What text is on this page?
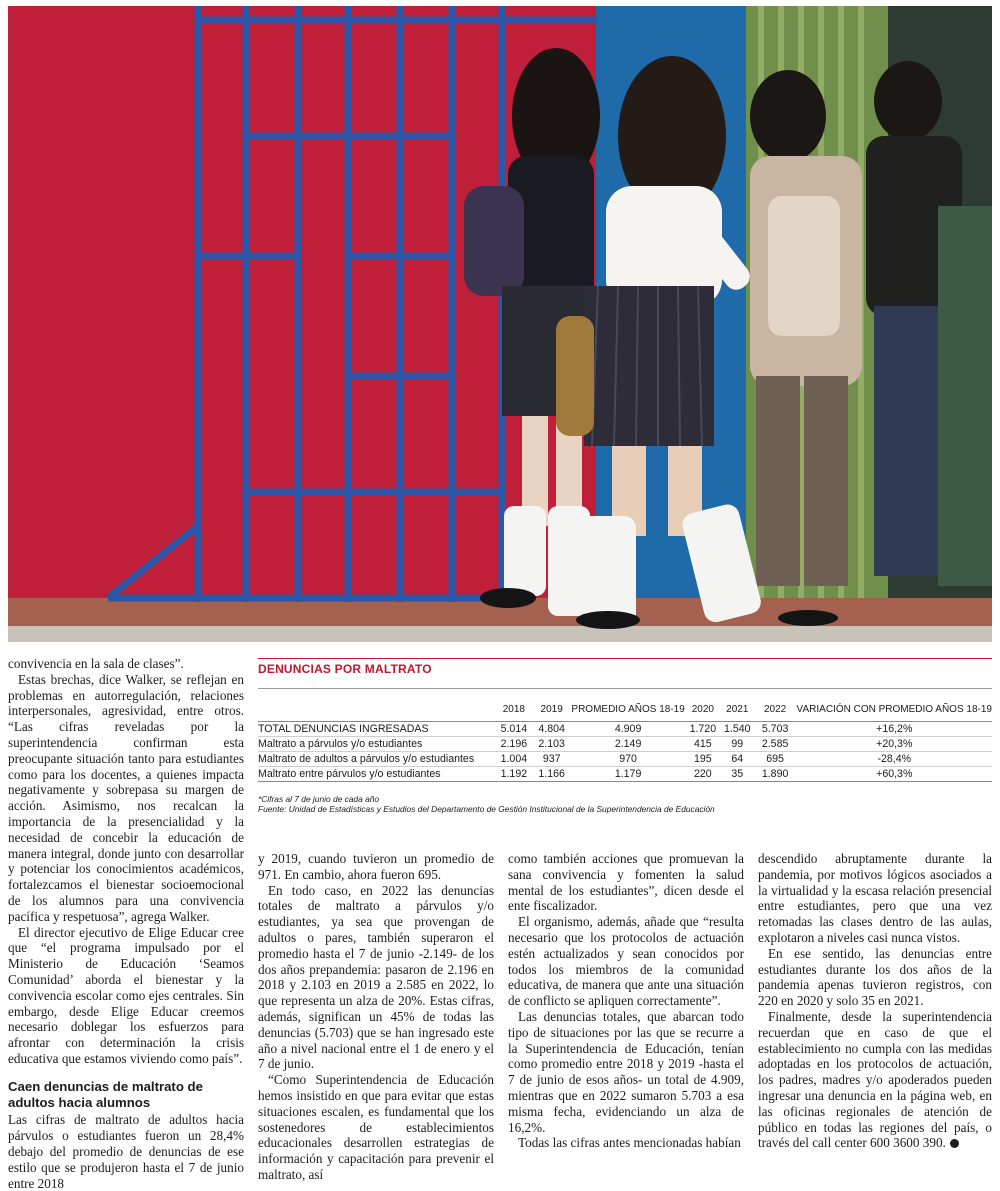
convivencia en la sala de clases”.

Estas brechas, dice Walker, se reflejan en problemas en autorregulación, relaciones interpersonales, agresividad, entre otros. “Las cifras reveladas por la superintendencia confirman esta preocupante situación tanto para estudiantes como para los docentes, a quienes impacta negativamente y sobrepasa su margen de acción. Asimismo, nos recalcan la importancia de la presencialidad y la necesidad de concebir la educación de manera integral, donde junto con desarrollar y potenciar los conocimientos académicos, fortalezcamos el bienestar socioemocional de los alumnos para una convivencia pacífica y respetuosa”, agrega Walker.

El director ejecutivo de Elige Educar cree que “el programa impulsado por el Ministerio de Educación ‘Seamos Comunidad’ aborda el bienestar y la convivencia escolar como ejes centrales. Sin embargo, desde Elige Educar creemos necesario doblegar los esfuerzos para afrontar con determinación la crisis educativa que estamos viviendo como país”.

Caen denuncias de maltrato de adultos hacia alumnos

Las cifras de maltrato de adultos hacia párvulos o estudiantes fueron un 28,4% debajo del promedio de denuncias de ese estilo que se produjeron hasta el 7 de junio entre 2018

DENUNCIAS POR MALTRATO
	2018	2019	PROMEDIO AÑOS 18-19	2020	2021	2022	VARIACIÓN CON PROMEDIO AÑOS 18-19
TOTAL DENUNCIAS INGRESADAS	5.014	4.804	4.909	1.720	1.540	5.703	+16,2%
Maltrato a párvulos y/o estudiantes	2.196	2.103	2.149	415	99	2.585	+20,3%
Maltrato de adultos a párvulos y/o estudiantes	1.004	937	970	195	64	695	-28,4%
Maltrato entre párvulos y/o estudiantes	1.192	1.166	1.179	220	35	1.890	+60,3%
*Cifras al 7 de junio de cada año
Fuente: Unidad de Estadísticas y Estudios del Departamento de Gestión Institucional de la Superintendencia de Educación

y 2019, cuando tuvieron un promedio de 971. En cambio, ahora fueron 695.

En todo caso, en 2022 las denuncias totales de maltrato a párvulos y/o estudiantes, ya sea que provengan de adultos o pares, también superaron el promedio hasta el 7 de junio -2.149- de los dos años prepandemia: pasaron de 2.196 en 2018 y 2.103 en 2019 a 2.585 en 2022, lo que representa un alza de 20%. Estas cifras, además, significan un 45% de todas las denuncias (5.703) que se han ingresado este año a nivel nacional entre el 1 de enero y el 7 de junio.

“Como Superintendencia de Educación hemos insistido en que para evitar que estas situaciones escalen, es fundamental que los sostenedores de establecimientos educacionales desarrollen estrategias de información y capacitación para prevenir el maltrato, así

como también acciones que promuevan la sana convivencia y fomenten la salud mental de los estudiantes”, dicen desde el ente fiscalizador.

El organismo, además, añade que “resulta necesario que los protocolos de actuación estén actualizados y sean conocidos por todos los miembros de la comunidad educativa, de manera que ante una situación de conflicto se apliquen correctamente”.

Las denuncias totales, que abarcan todo tipo de situaciones por las que se recurre a la Superintendencia de Educación, tenían como promedio entre 2018 y 2019 -hasta el 7 de junio de esos años- un total de 4.909, mientras que en 2022 sumaron 5.703 a esa misma fecha, evidenciando un alza de 16,2%.

Todas las cifras antes mencionadas habían

descendido abruptamente durante la pandemia, por motivos lógicos asociados a la virtualidad y la escasa relación presencial entre estudiantes, pero que una vez retomadas las clases dentro de las aulas, explotaron a niveles casi nunca vistos.

En ese sentido, las denuncias entre estudiantes durante los dos años de la pandemia apenas tuvieron registros, con 220 en 2020 y solo 35 en 2021.

Finalmente, desde la superintendencia recuerdan que en caso de que el establecimiento no cumpla con las medidas adoptadas en los protocolos de actuación, los padres, madres y/o apoderados pueden ingresar una denuncia en la página web, en las oficinas regionales de atención de público en todas las regiones del país, o través del call center 600 3600 390.
